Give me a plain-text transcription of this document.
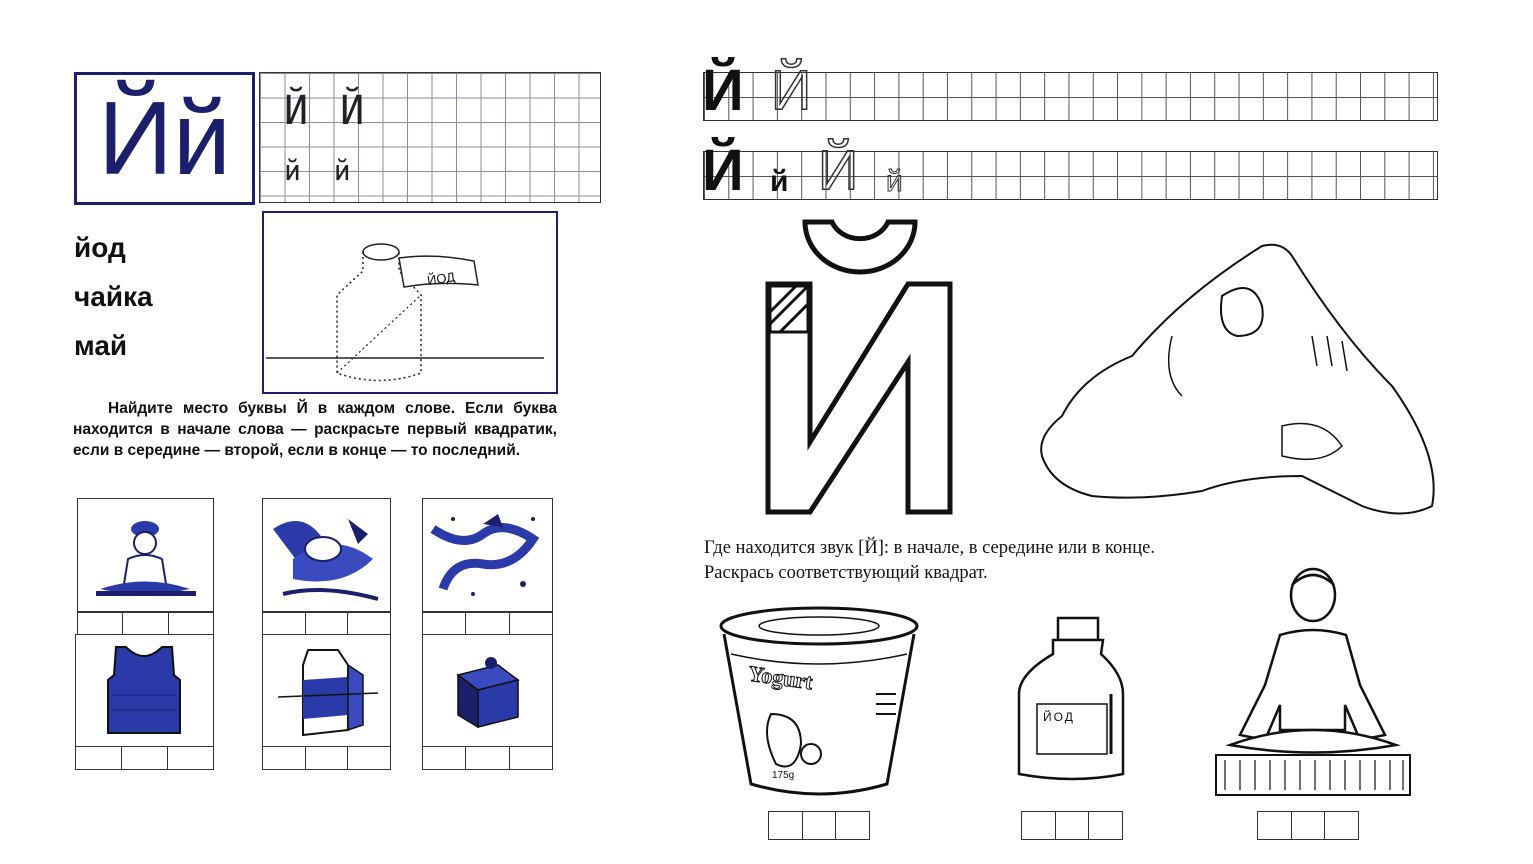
Йй Й Й
й й
йод
чайка
май
ЙОД
Найдите место буквы Й в каждом слове. Если буква находится в начале слова — раскрасьте первый квадратик, если в середине — второй, если в конце — то последний.
Й Й
Й й Й й
Где находится звук [Й]: в начале, в середине или в конце.
Раскрась соответствующий квадрат.
Yogurt
175g
ЙОД
